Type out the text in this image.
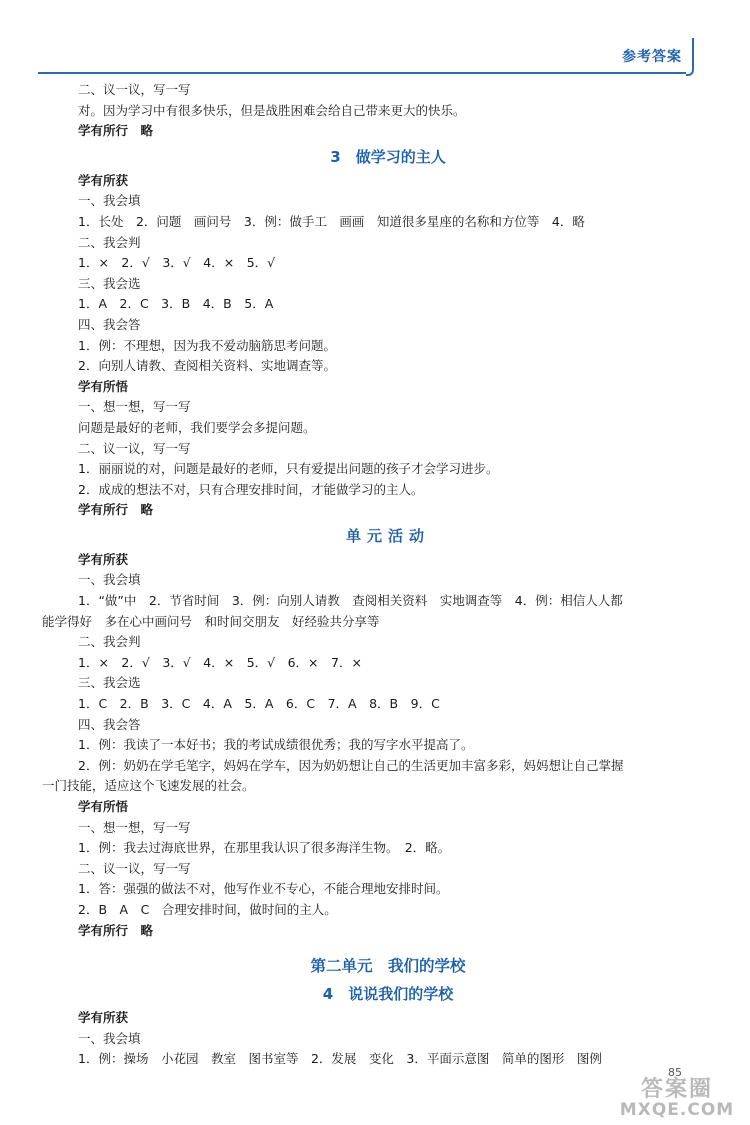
参考答案
二、议一议，写一写
对。因为学习中有很多快乐，但是战胜困难会给自己带来更大的快乐。
学有所行　略
3　做学习的主人
学有所获
一、我会填
1．长处　2．问题　画问号　3．例：做手工　画画　知道很多星座的名称和方位等　4．略
二、我会判
1．×　2．√　3．√　4．×　5．√
三、我会选
1．A　2．C　3．B　4．B　5．A
四、我会答
1．例：不理想，因为我不爱动脑筋思考问题。
2．向别人请教、查阅相关资料、实地调查等。
学有所悟
一、想一想，写一写
问题是最好的老师，我们要学会多提问题。
二、议一议，写一写
1．丽丽说的对，问题是最好的老师，只有爱提出问题的孩子才会学习进步。
2．成成的想法不对，只有合理安排时间，才能做学习的主人。
学有所行　略
单元活动
学有所获
一、我会填
1．“做”中　2．节省时间　3．例：向别人请教　查阅相关资料　实地调查等　4．例：相信人人都
能学得好　多在心中画问号　和时间交朋友　好经验共分享等
二、我会判
1．×　2．√　3．√　4．×　5．√　6．×　7．×
三、我会选
1．C　2．B　3．C　4．A　5．A　6．C　7．A　8．B　9．C
四、我会答
1．例：我读了一本好书；我的考试成绩很优秀；我的写字水平提高了。
2．例：奶奶在学毛笔字，妈妈在学车，因为奶奶想让自己的生活更加丰富多彩，妈妈想让自己掌握
一门技能，适应这个飞速发展的社会。
学有所悟
一、想一想，写一写
1．例：我去过海底世界，在那里我认识了很多海洋生物。　2．略。
二、议一议，写一写
1．答：强强的做法不对，他写作业不专心，不能合理地安排时间。
2．B　A　C　合理安排时间，做时间的主人。
学有所行　略
第二单元　我们的学校
4　说说我们的学校
学有所获
一、我会填
1．例：操场　小花园　教室　图书室等　2．发展　变化　3．平面示意图　简单的图形　图例
85
答案圈
MXQE.COM
